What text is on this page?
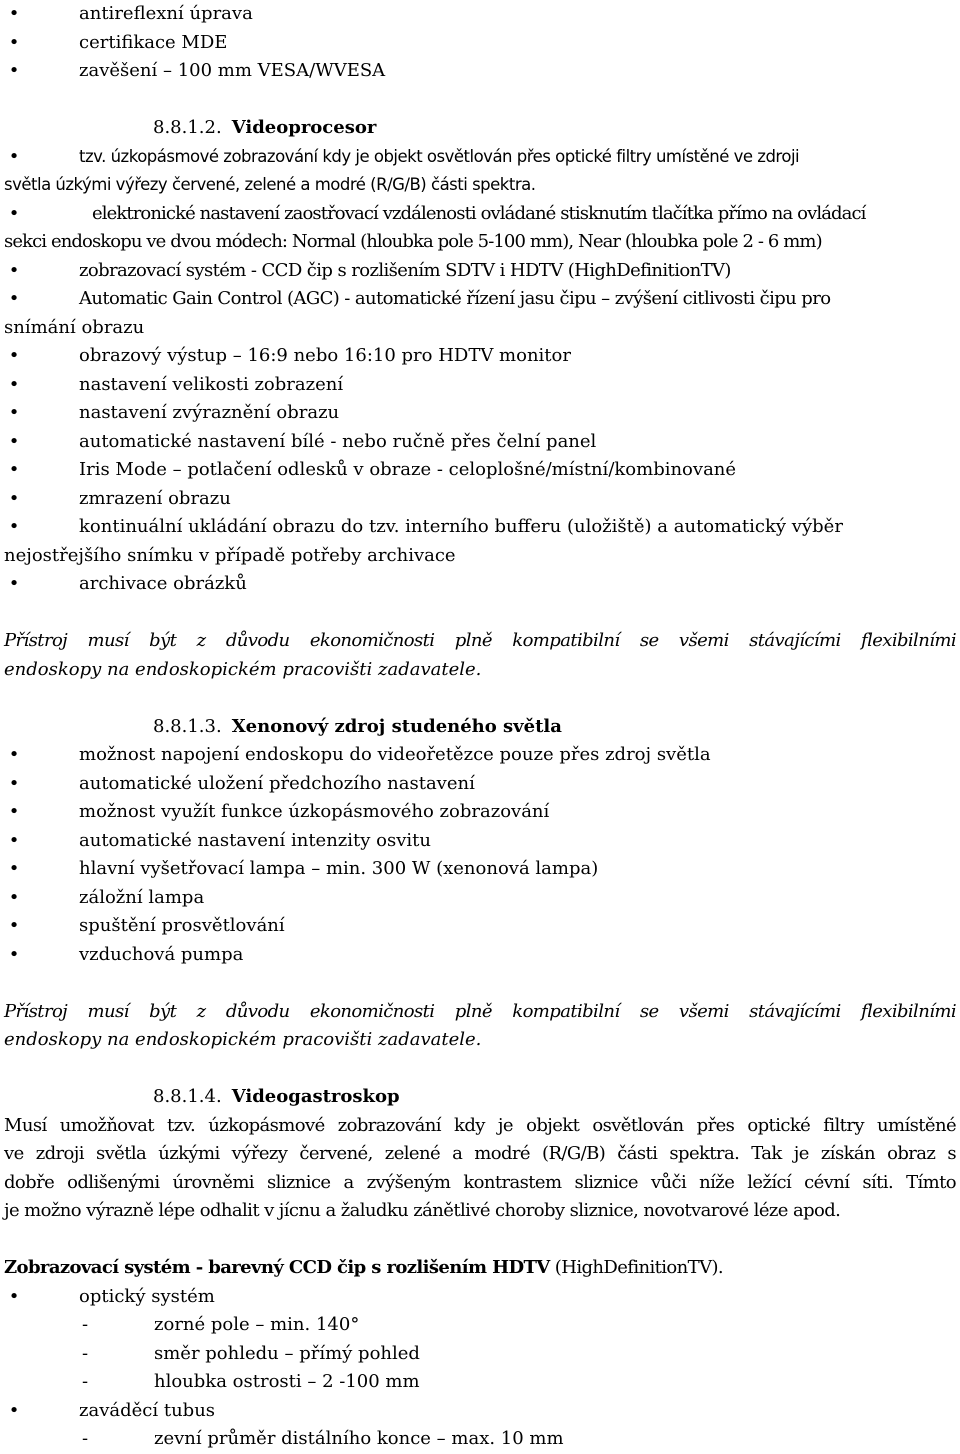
•	antireflexní úprava
•	certifikace MDE
•	zavěšení – 100 mm VESA/WVESA
8.8.1.2. Videoprocesor
•	tzv. úzkopásmové zobrazování kdy je objekt osvětlován přes optické filtry umístěné ve zdroji
světla úzkými výřezy červené, zelené a modré (R/G/B) části spektra.
•	elektronické nastavení zaostřovací vzdálenosti ovládané stisknutím tlačítka přímo na ovládací
sekci endoskopu ve dvou módech: Normal (hloubka pole 5-100 mm), Near (hloubka pole 2 - 6 mm)
•	zobrazovací systém - CCD čip s rozlišením SDTV i HDTV (HighDefinitionTV)
•	Automatic Gain Control (AGC) - automatické řízení jasu čipu – zvýšení citlivosti čipu pro
snímání obrazu
•	obrazový výstup – 16:9 nebo 16:10 pro HDTV monitor
•	nastavení velikosti zobrazení
•	nastavení zvýraznění obrazu
•	automatické nastavení bílé - nebo ručně přes čelní panel
•	Iris Mode – potlačení odlesků v obraze - celoplošné/místní/kombinované
•	zmrazení obrazu
•	kontinuální ukládání obrazu do tzv. interního bufferu (uložiště) a automatický výběr
nejostřejšího snímku v případě potřeby archivace
•	archivace obrázků
Přístroj musí být z důvodu ekonomičnosti plně kompatibilní se všemi stávajícími flexibilními
endoskopy na endoskopickém pracovišti zadavatele.
8.8.1.3. Xenonový zdroj studeného světla
•	možnost napojení endoskopu do videořetězce pouze přes zdroj světla
•	automatické uložení předchozího nastavení
•	možnost využít funkce úzkopásmového zobrazování
•	automatické nastavení intenzity osvitu
•	hlavní vyšetřovací lampa – min. 300 W (xenonová lampa)
•	záložní lampa
•	spuštění prosvětlování
•	vzduchová pumpa
Přístroj musí být z důvodu ekonomičnosti plně kompatibilní se všemi stávajícími flexibilními
endoskopy na endoskopickém pracovišti zadavatele.
8.8.1.4. Videogastroskop
Musí umožňovat tzv. úzkopásmové zobrazování kdy je objekt osvětlován přes optické filtry umístěné
ve zdroji světla úzkými výřezy červené, zelené a modré (R/G/B) části spektra. Tak je získán obraz s
dobře odlišenými úrovněmi sliznice a zvýšeným kontrastem sliznice vůči níže ležící cévní síti. Tímto
je možno výrazně lépe odhalit v jícnu a žaludku zánětlivé choroby sliznice, novotvarové léze apod.
Zobrazovací systém - barevný CCD čip s rozlišením HDTV (HighDefinitionTV).
•	optický systém
-	zorné pole – min. 140°
-	směr pohledu – přímý pohled
-	hloubka ostrosti – 2 -100 mm
•	zaváděcí tubus
-	zevní průměr distálního konce – max. 10 mm
